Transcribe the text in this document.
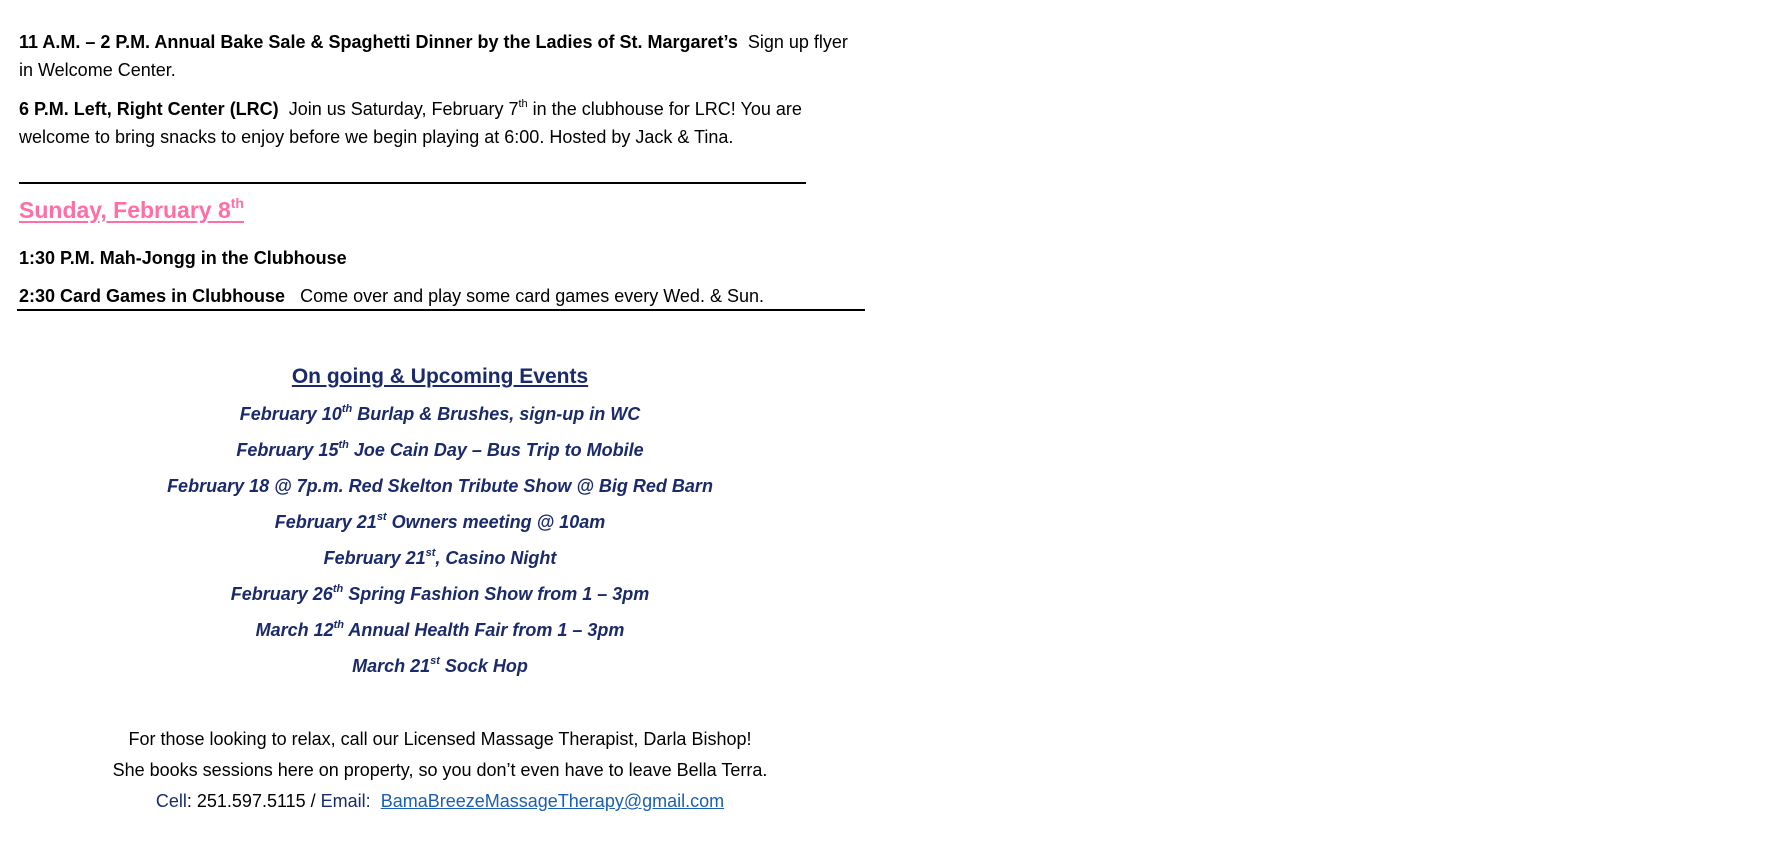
11 A.M. – 2 P.M. Annual Bake Sale & Spaghetti Dinner by the Ladies of St. Margaret’s Sign up flyer in Welcome Center.

6 P.M. Left, Right Center (LRC) Join us Saturday, February 7th in the clubhouse for LRC! You are welcome to bring snacks to enjoy before we begin playing at 6:00. Hosted by Jack & Tina.

Sunday, February 8th

1:30 P.M. Mah-Jongg in the Clubhouse

2:30 Card Games in Clubhouse Come over and play some card games every Wed. & Sun.

On going & Upcoming Events

February 10th Burlap & Brushes, sign-up in WC

February 15th Joe Cain Day – Bus Trip to Mobile

February 18 @ 7p.m. Red Skelton Tribute Show @ Big Red Barn

February 21st Owners meeting @ 10am

February 21st, Casino Night

February 26th Spring Fashion Show from 1 – 3pm

March 12th Annual Health Fair from 1 – 3pm

March 21st Sock Hop

For those looking to relax, call our Licensed Massage Therapist, Darla Bishop!

She books sessions here on property, so you don’t even have to leave Bella Terra.

Cell: 251.597.5115 / Email: BamaBreezeMassageTherapy@gmail.com
